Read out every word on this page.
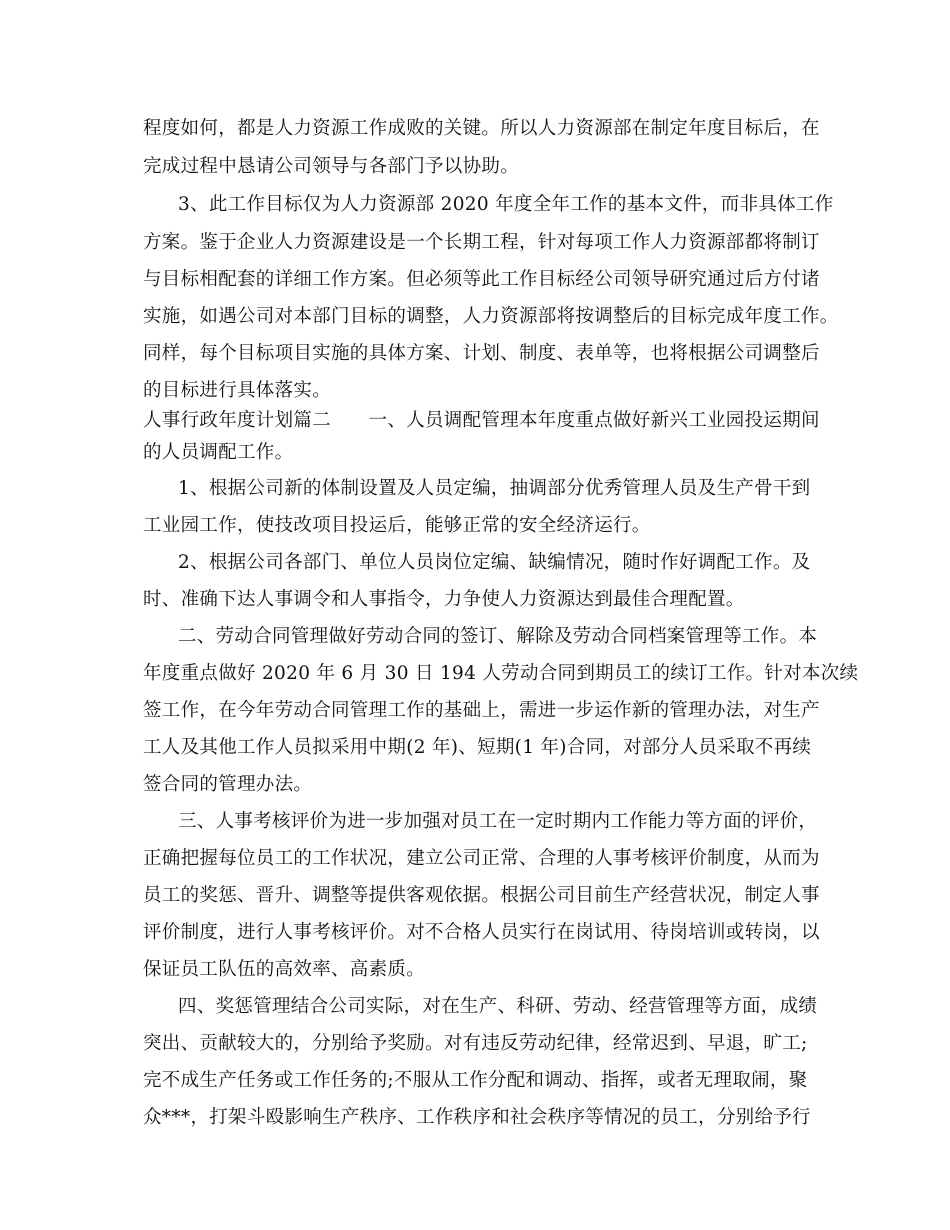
程度如何，都是人力资源工作成败的关键。所以人力资源部在制定年度目标后，在
完成过程中恳请公司领导与各部门予以协助。
3、此工作目标仅为人力资源部 2020 年度全年工作的基本文件，而非具体工作
方案。鉴于企业人力资源建设是一个长期工程，针对每项工作人力资源部都将制订
与目标相配套的详细工作方案。但必须等此工作目标经公司领导研究通过后方付诸
实施，如遇公司对本部门目标的调整，人力资源部将按调整后的目标完成年度工作。
同样，每个目标项目实施的具体方案、计划、制度、表单等，也将根据公司调整后
的目标进行具体落实。
人事行政年度计划篇二　　一、人员调配管理本年度重点做好新兴工业园投运期间
的人员调配工作。
1、根据公司新的体制设置及人员定编，抽调部分优秀管理人员及生产骨干到
工业园工作，使技改项目投运后，能够正常的安全经济运行。
2、根据公司各部门、单位人员岗位定编、缺编情况，随时作好调配工作。及
时、准确下达人事调令和人事指令，力争使人力资源达到最佳合理配置。
二、劳动合同管理做好劳动合同的签订、解除及劳动合同档案管理等工作。本
年度重点做好 2020 年 6 月 30 日 194 人劳动合同到期员工的续订工作。针对本次续
签工作，在今年劳动合同管理工作的基础上，需进一步运作新的管理办法，对生产
工人及其他工作人员拟采用中期(2 年)、短期(1 年)合同，对部分人员采取不再续
签合同的管理办法。
三、人事考核评价为进一步加强对员工在一定时期内工作能力等方面的评价，
正确把握每位员工的工作状况，建立公司正常、合理的人事考核评价制度，从而为
员工的奖惩、晋升、调整等提供客观依据。根据公司目前生产经营状况，制定人事
评价制度，进行人事考核评价。对不合格人员实行在岗试用、待岗培训或转岗，以
保证员工队伍的高效率、高素质。
四、奖惩管理结合公司实际，对在生产、科研、劳动、经营管理等方面，成绩
突出、贡献较大的，分别给予奖励。对有违反劳动纪律，经常迟到、早退，旷工;
完不成生产任务或工作任务的;不服从工作分配和调动、指挥，或者无理取闹，聚
众***，打架斗殴影响生产秩序、工作秩序和社会秩序等情况的员工，分别给予行
